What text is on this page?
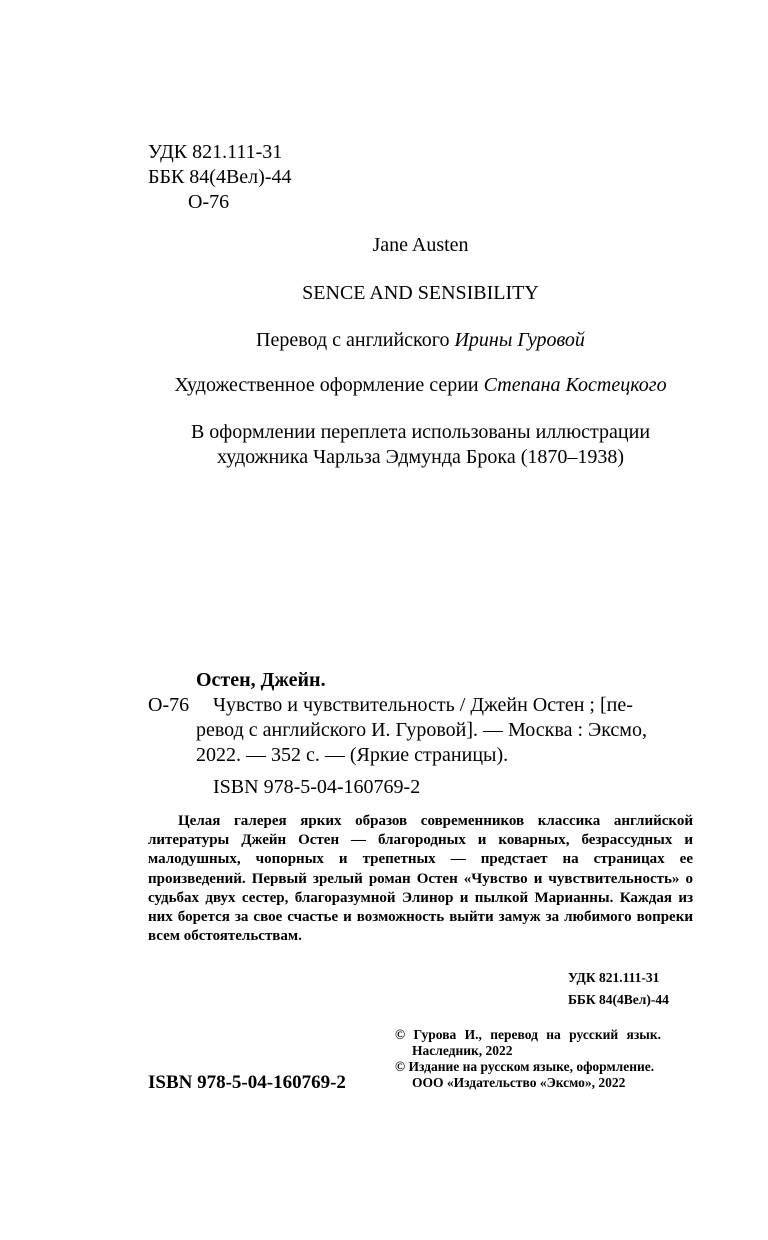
УДК 821.111-31
ББК 84(4Вел)-44
О-76
Jane Austen
SENCE AND SENSIBILITY
Перевод с английского Ирины Гуровой
Художественное оформление серии Степана Костецкого
В оформлении переплета использованы иллюстрации
художника Чарльза Эдмунда Брока (1870–1938)
Остен, Джейн.
О-76 Чувство и чувствительность / Джейн Остен ; [пе-
ревод с английского И. Гуровой]. — Москва : Эксмо,
2022. — 352 с. — (Яркие страницы).
ISBN 978-5-04-160769-2

Целая галерея ярких образов современников классика английской литературы Джейн Остен — благородных и коварных, безрассудных и малодушных, чопорных и трепетных — предстает на страницах ее произведений. Первый зрелый роман Остен «Чувство и чувствительность» о судьбах двух сестер, благоразумной Элинор и пылкой Марианны. Каждая из них борется за свое счастье и возможность выйти замуж за любимого вопреки всем обстоятельствам.

УДК 821.111-31
ББК 84(4Вел)-44
© Гурова И., перевод на русский язык.
Наследник, 2022
© Издание на русском языке, оформление.
ООО «Издательство «Эксмо», 2022
ISBN 978-5-04-160769-2
